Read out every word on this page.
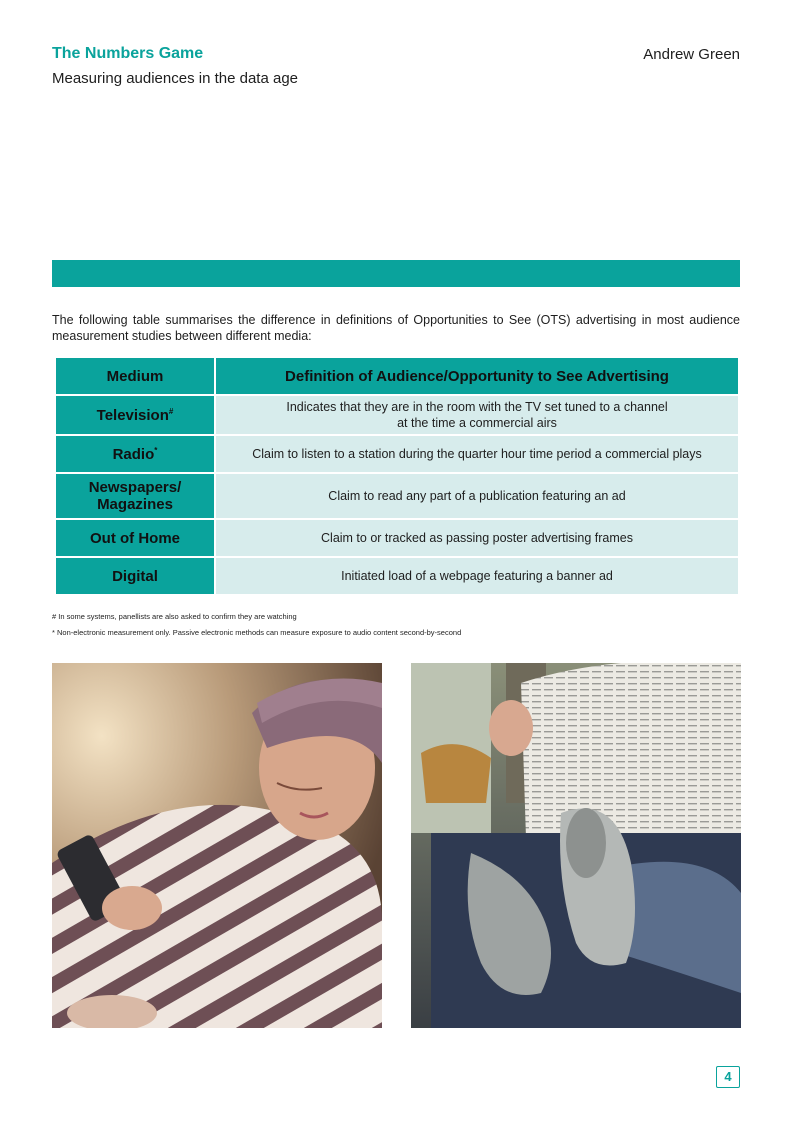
The Numbers Game
Measuring audiences in the data age
Andrew Green
The following table summarises the difference in definitions of Opportunities to See (OTS) advertising in most audience measurement studies between different media:
Medium	Definition of Audience/Opportunity to See Advertising
Television#	Indicates that they are in the room with the TV set tuned to a channel
at the time a commercial airs

Radio*	Claim to listen to a station during the quarter hour time period a commercial plays

Newspapers/
Magazines	Claim to read any part of a publication featuring an ad

Out of Home	Claim to or tracked as passing poster advertising frames

Digital	Initiated load of a webpage featuring a banner ad
# In some systems, panellists are also asked to confirm they are watching
* Non-electronic measurement only. Passive electronic methods can measure exposure to audio content second-by-second
4
